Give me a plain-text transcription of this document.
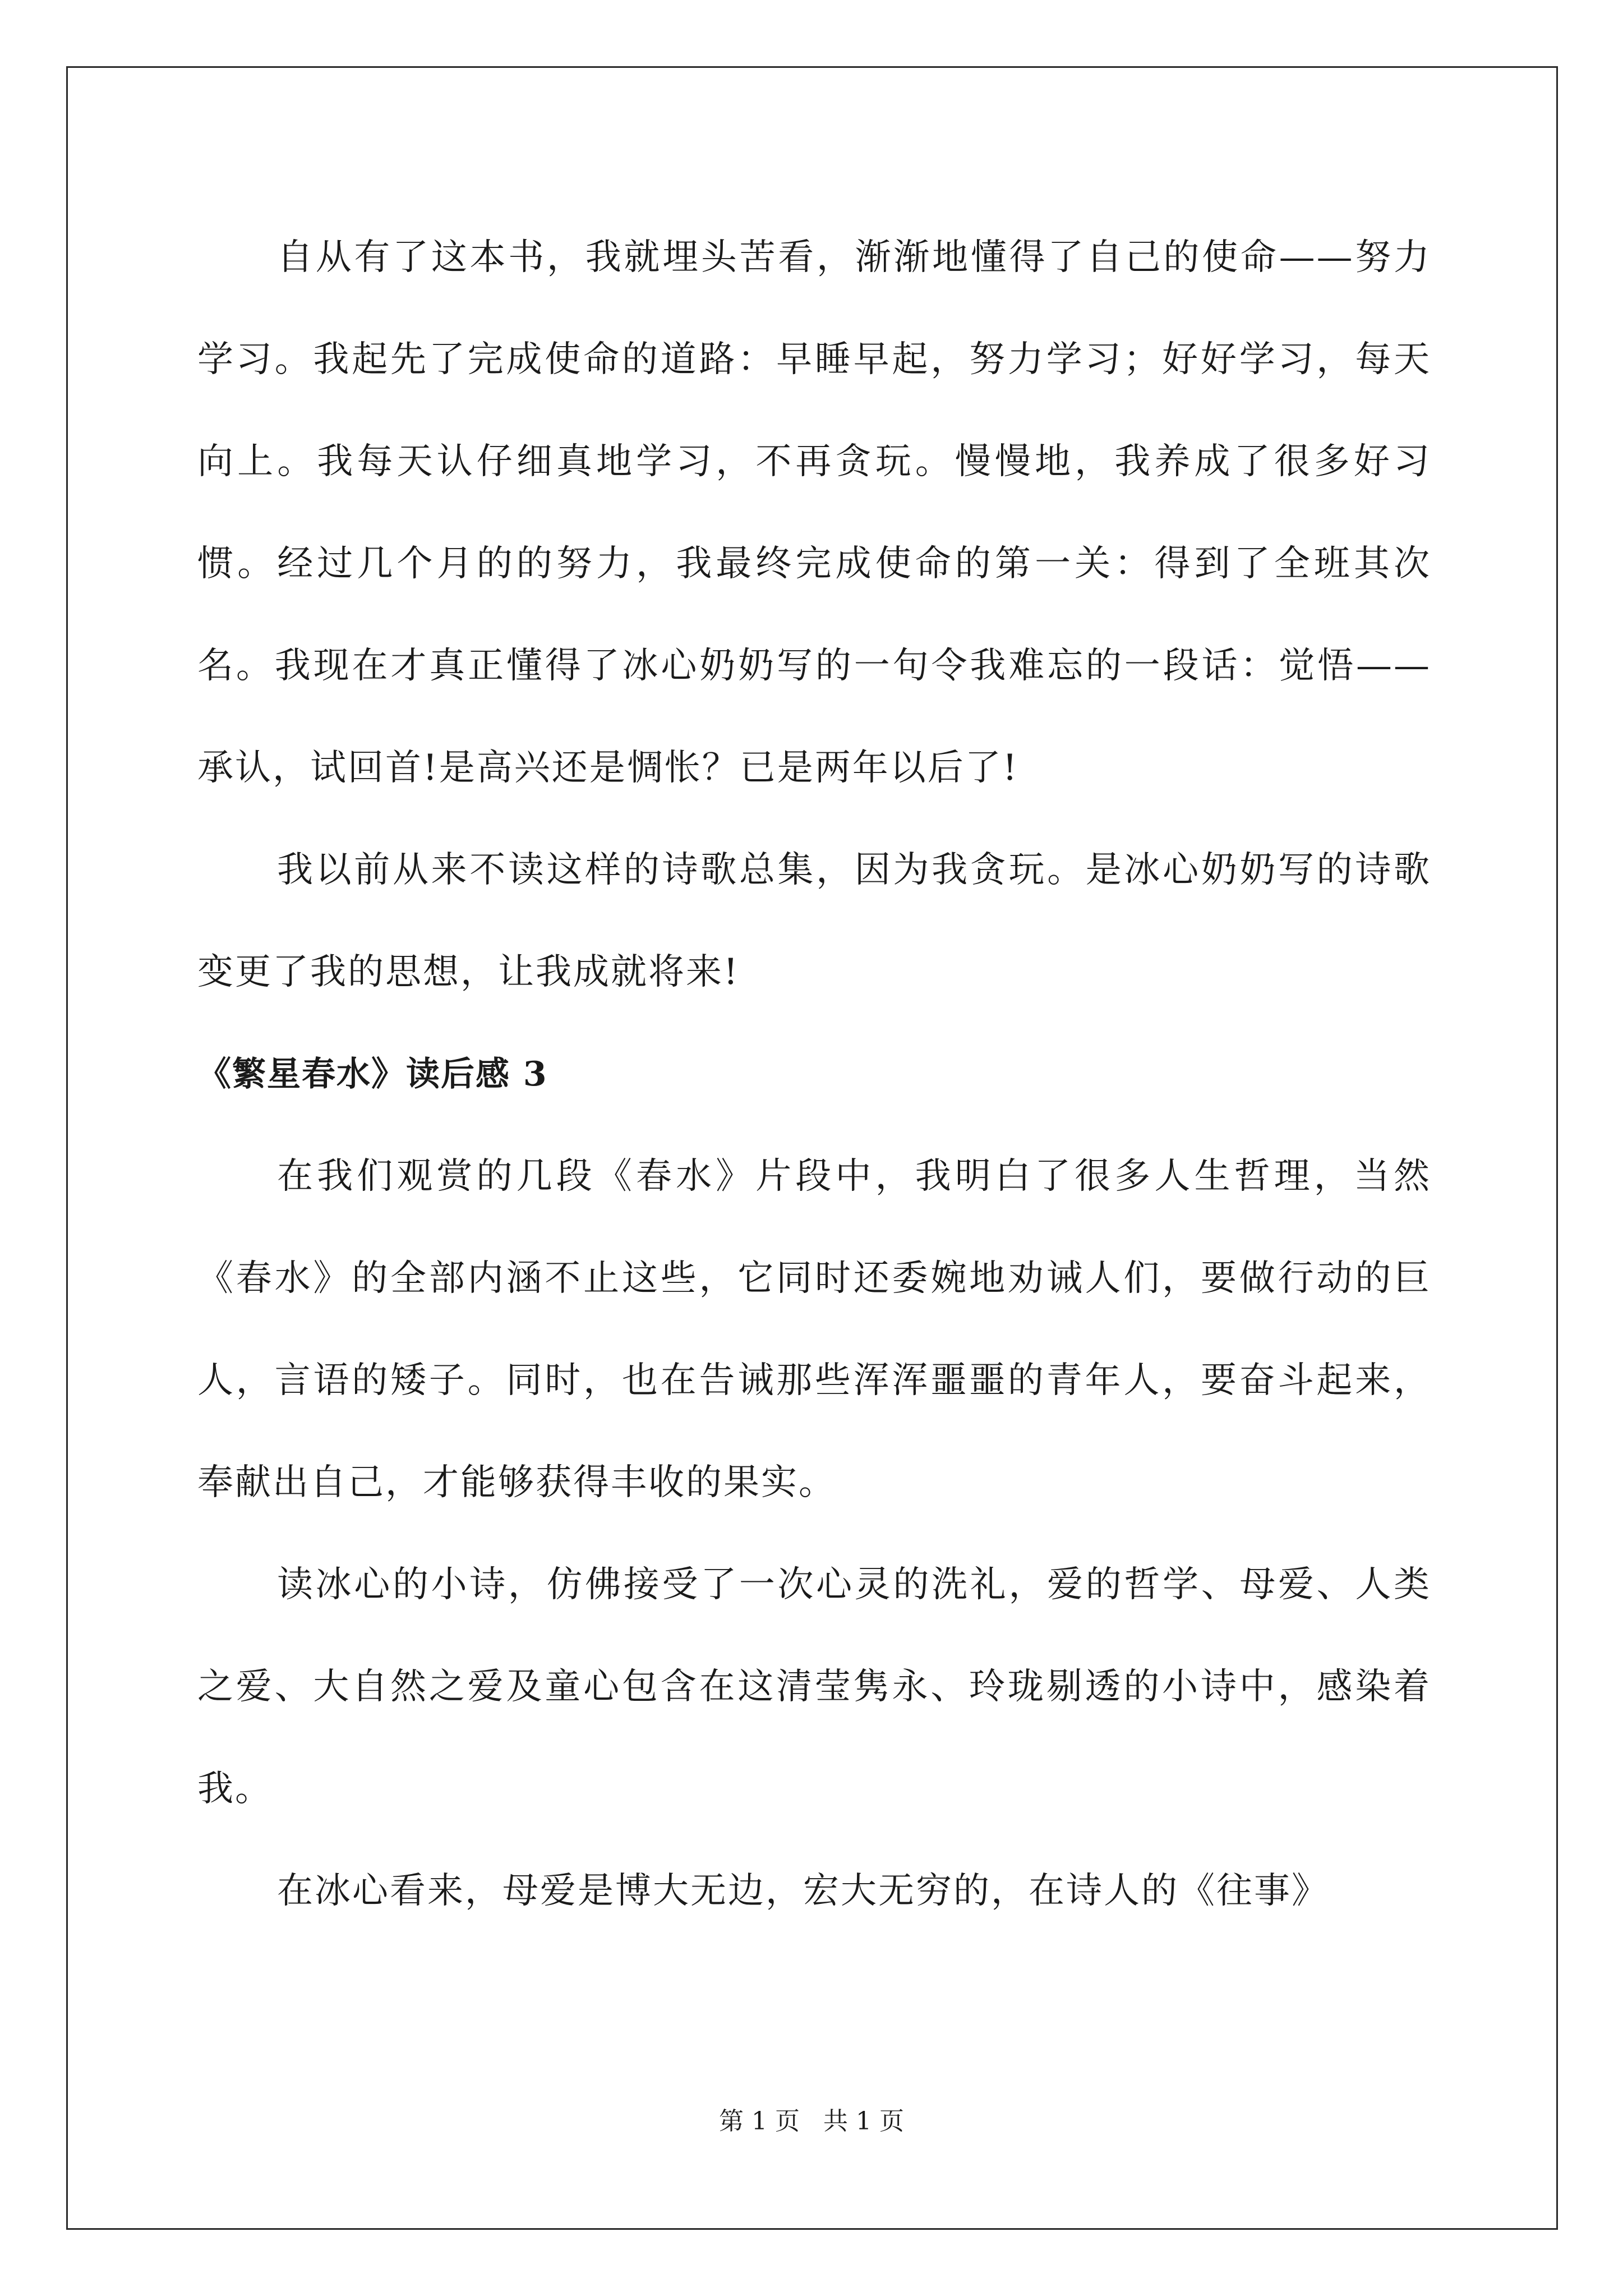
自从有了这本书，我就埋头苦看，渐渐地懂得了自己的使命——努力学习。我起先了完成使命的道路：早睡早起，努力学习；好好学习，每天向上。我每天认仔细真地学习，不再贪玩。慢慢地，我养成了很多好习惯。经过几个月的的努力，我最终完成使命的第一关：得到了全班其次名。我现在才真正懂得了冰心奶奶写的一句令我难忘的一段话：觉悟——承认，试回首!是高兴还是惆怅？已是两年以后了!

我以前从来不读这样的诗歌总集，因为我贪玩。是冰心奶奶写的诗歌变更了我的思想，让我成就将来!

《繁星春水》读后感 3

在我们观赏的几段《春水》片段中，我明白了很多人生哲理，当然《春水》的全部内涵不止这些，它同时还委婉地劝诫人们，要做行动的巨人，言语的矮子。同时，也在告诫那些浑浑噩噩的青年人，要奋斗起来，奉献出自己，才能够获得丰收的果实。

读冰心的小诗，仿佛接受了一次心灵的洗礼，爱的哲学、母爱、人类之爱、大自然之爱及童心包含在这清莹隽永、玲珑剔透的小诗中，感染着我。

在冰心看来，母爱是博大无边，宏大无穷的，在诗人的《往事》

第 1 页 共 1 页
